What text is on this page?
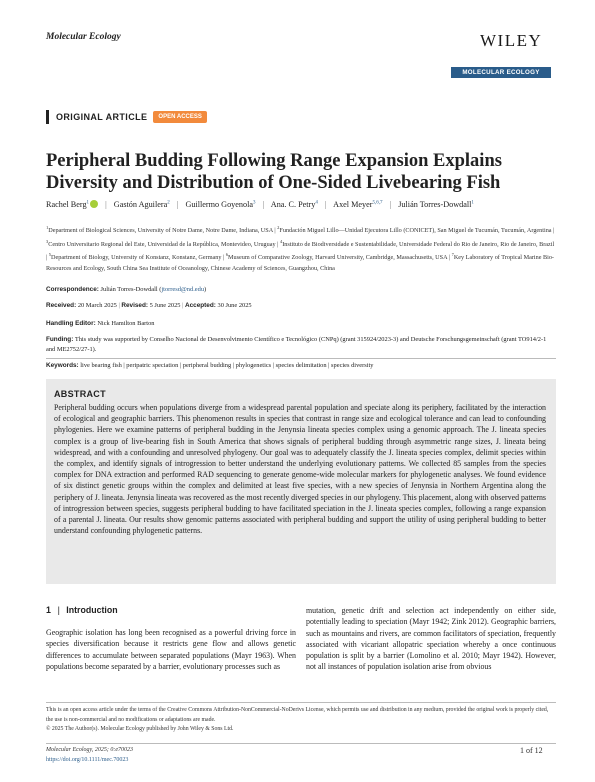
Molecular Ecology	WILEY
MOLECULAR ECOLOGY
ORIGINAL ARTICLE	OPEN ACCESS
Peripheral Budding Following Range Expansion Explains
Diversity and Distribution of One-Sided Livebearing Fish
Rachel Berg$^1$ | Gastón Aguilera$^2$ | Guillermo Goyenola$^3$ | Ana. C. Petry$^4$ | Axel Meyer$^{5,6,7}$ | Julián Torres-Dowdall$^1$
$^1$Department of Biological Sciences, University of Notre Dame, Notre Dame, Indiana, USA | $^2$Fundación Miguel Lillo—Unidad Ejecutora Lillo (CONICET), San Miguel de Tucumán, Tucumán, Argentina | $^3$Centro Universitario Regional del Este, Universidad de la República, Montevideo, Uruguay | $^4$Instituto de Biodiversidade e Sustentabilidade, Universidade Federal do Rio de Janeiro, Rio de Janeiro, Brazil | $^5$Department of Biology, University of Konstanz, Konstanz, Germany | $^6$Museum of Comparative Zoology, Harvard University, Cambridge, Massachusetts, USA | $^7$Key Laboratory of Tropical Marine Bio-Resources and Ecology, South China Sea Institute of Oceanology, Chinese Academy of Sciences, Guangzhou, China
Correspondence: Julián Torres-Dowdall (jtorresd@nd.edu)
Received: 20 March 2025 | Revised: 5 June 2025 | Accepted: 30 June 2025
Handling Editor: Nick Hamilton Barton
Funding: This study was supported by Conselho Nacional de Desenvolvimento Científico e Tecnológico (CNPq) (grant 315924/2023-3) and Deutsche Forschungsgemeinschaft (grant TO914/2-1 and ME2752/27-1).
Keywords: live bearing fish | peripatric speciation | peripheral budding | phylogenetics | species delimitation | species diversity
ABSTRACT
Peripheral budding occurs when populations diverge from a widespread parental population and speciate along its periphery, facilitated by the interaction of ecological and geographic barriers. This phenomenon results in species that contrast in range size and ecological tolerance and can lead to confounding phylogenies. Here we examine patterns of peripheral budding in the Jenynsia lineata species complex using a genomic approach. The J. lineata species complex is a group of live-bearing fish in South America that shows signals of peripheral budding through asymmetric range sizes, J. lineata being widespread, and with a confounding and unresolved phylogeny. Our goal was to adequately classify the J. lineata species complex, delimit species within the complex, and identify signals of introgression to better understand the underlying evolutionary patterns. We collected 85 samples from the species complex for DNA extraction and performed RAD sequencing to generate genome-wide molecular markers for phylogenetic analyses. We found evidence of six distinct genetic groups within the complex and delimited at least five species, with a new species of Jenynsia in Northern Argentina along the periphery of J. lineata. Jenynsia lineata was recovered as the most recently diverged species in our phylogeny. This placement, along with observed patterns of introgression between species, suggests peripheral budding to have facilitated speciation in the J. lineata species complex, following a range expansion of a parental J. lineata. Our results show genomic patterns associated with peripheral budding and support the utility of using peripheral budding to better understand confounding phylogenetic patterns.
1 | Introduction
Geographic isolation has long been recognised as a powerful driving force in species diversification because it restricts gene flow and allows genetic differences to accumulate between separated populations (Mayr 1963). When populations become separated by a barrier, evolutionary processes such as
mutation, genetic drift and selection act independently on either side, potentially leading to speciation (Mayr 1942; Zink 2012). Geographic barriers, such as mountains and rivers, are common facilitators of speciation, frequently associated with vicariant allopatric speciation whereby a once continuous population is split by a barrier (Lomolino et al. 2010; Mayr 1942). However, not all instances of population isolation arise from obvious
This is an open access article under the terms of the Creative Commons Attribution-NonCommercial-NoDerivs License, which permits use and distribution in any medium, provided the original work is properly cited, the use is non-commercial and no modifications or adaptations are made.
© 2025 The Author(s). Molecular Ecology published by John Wiley & Sons Ltd.
Molecular Ecology, 2025; 0:e70023
https://doi.org/10.1111/mec.70023
1 of 12
